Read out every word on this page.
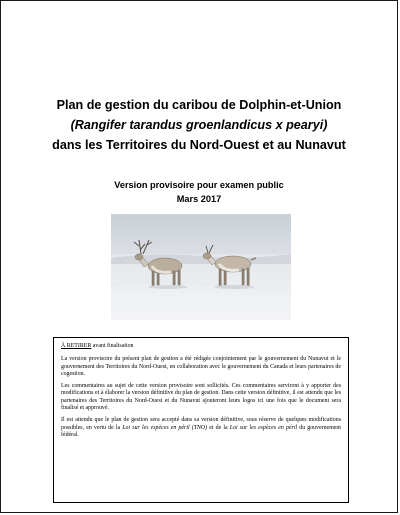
Plan de gestion du caribou de Dolphin-et-Union
(Rangifer tarandus groenlandicus x pearyi)
dans les Territoires du Nord-Ouest et au Nunavut
Version provisoire pour examen public
Mars 2017

À RETIRER avant finalisation

La version provisoire du présent plan de gestion a été rédigée conjointement par le gouvernement du Nunavut et le gouvernement des Territoires du Nord-Ouest, en collaboration avec le gouvernement du Canada et leurs partenaires de cogestion.

Les commentaires au sujet de cette version provisoire sont sollicités. Ces commentaires serviront à y apporter des modifications et à élaborer la version définitive du plan de gestion. Dans cette version définitive, il est attendu que les partenaires des Territoires du Nord-Ouest et du Nunavut ajouteront leurs logos ici une fois que le document sera finalisé et approuvé.

Il est attendu que le plan de gestion sera accepté dans sa version définitive, sous réserve de quelques modifications possibles, en vertu de la Loi sur les espèces en péril (TNO) et de la Loi sur les espèces en péril du gouvernement fédéral.
